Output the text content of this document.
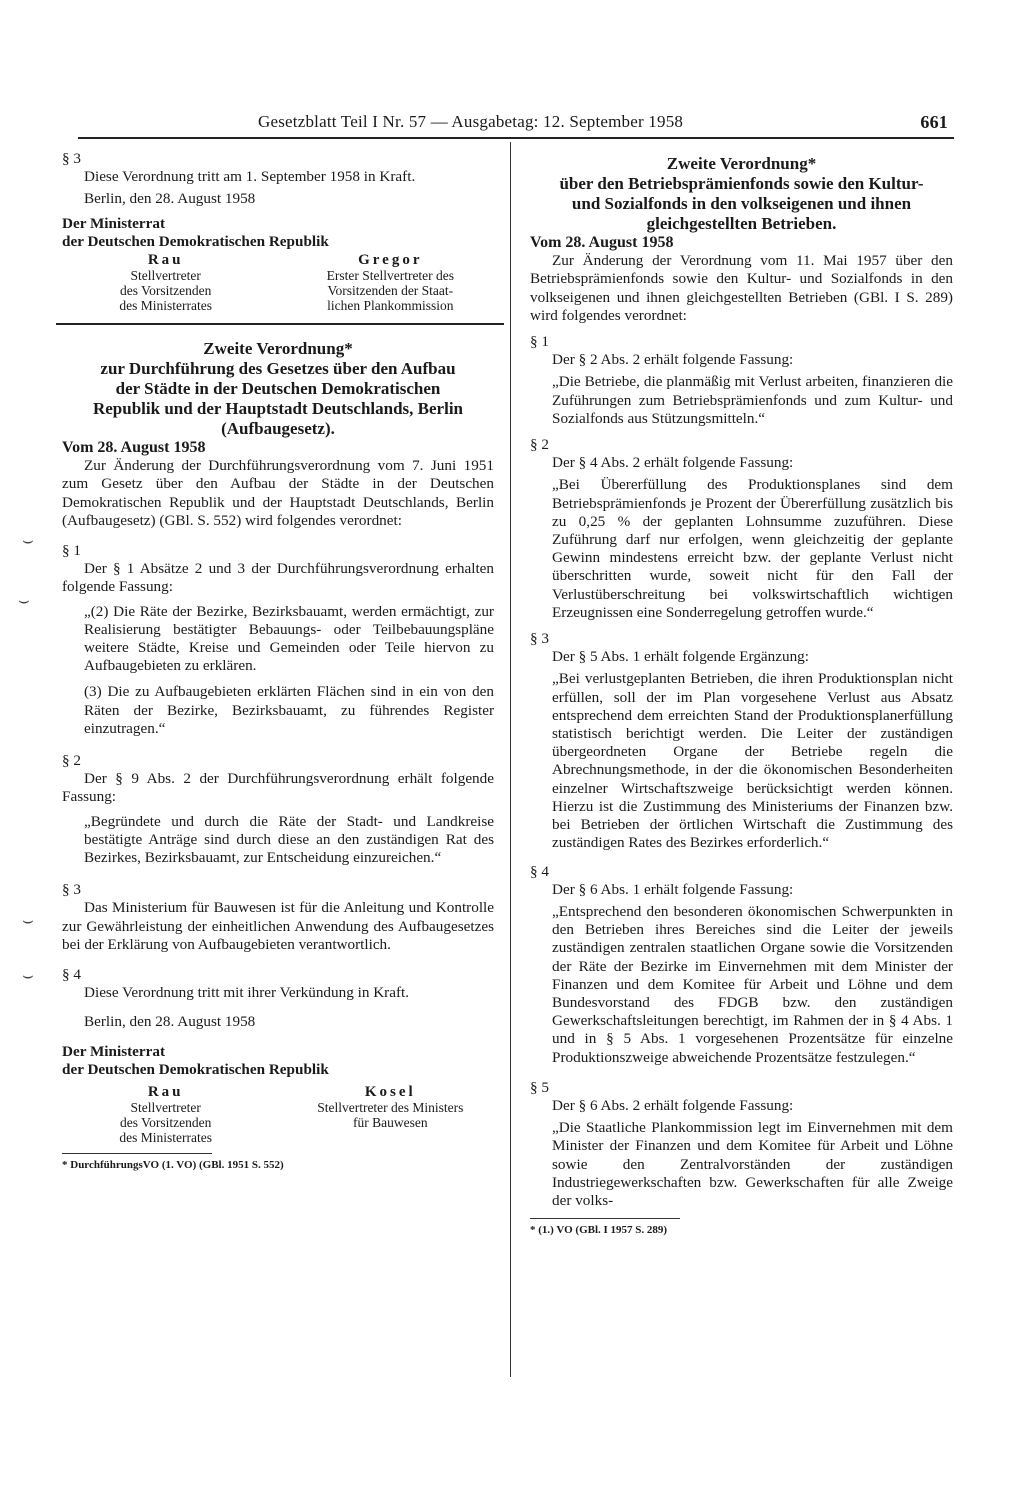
Gesetzblatt Teil I Nr. 57 — Ausgabetag: 12. September 1958	661
⌣
⌣
⌣
⌣

§ 3

Diese Verordnung tritt am 1. September 1958 in Kraft.

Berlin, den 28. August 1958

Der Ministerrat

der Deutschen Demokratischen Republik

Rau
Stellvertreter
des Vorsitzenden
des Ministerrates
Gregor
Erster Stellvertreter des
Vorsitzenden der Staat-
lichen Plankommission
Zweite Verordnung*
zur Durchführung des Gesetzes über den Aufbau
der Städte in der Deutschen Demokratischen
Republik und der Hauptstadt Deutschlands, Berlin
(Aufbaugesetz).

Vom 28. August 1958

Zur Änderung der Durchführungsverordnung vom 7. Juni 1951 zum Gesetz über den Aufbau der Städte in der Deutschen Demokratischen Republik und der Hauptstadt Deutschlands, Berlin (Aufbaugesetz) (GBl. S. 552) wird folgendes verordnet:

§ 1

Der § 1 Absätze 2 und 3 der Durchführungsverordnung erhalten folgende Fassung:

„(2) Die Räte der Bezirke, Bezirksbauamt, werden ermächtigt, zur Realisierung bestätigter Bebauungs- oder Teilbebauungspläne weitere Städte, Kreise und Gemeinden oder Teile hiervon zu Aufbaugebieten zu erklären.

(3) Die zu Aufbaugebieten erklärten Flächen sind in ein von den Räten der Bezirke, Bezirksbauamt, zu führendes Register einzutragen.“

§ 2

Der § 9 Abs. 2 der Durchführungsverordnung erhält folgende Fassung:

„Begründete und durch die Räte der Stadt- und Landkreise bestätigte Anträge sind durch diese an den zuständigen Rat des Bezirkes, Bezirksbauamt, zur Entscheidung einzureichen.“

§ 3

Das Ministerium für Bauwesen ist für die Anleitung und Kontrolle zur Gewährleistung der einheitlichen Anwendung des Aufbaugesetzes bei der Erklärung von Aufbaugebieten verantwortlich.

§ 4

Diese Verordnung tritt mit ihrer Verkündung in Kraft.

Berlin, den 28. August 1958

Der Ministerrat

der Deutschen Demokratischen Republik

Rau
Stellvertreter
des Vorsitzenden
des Ministerrates
Kosel
Stellvertreter des Ministers
für Bauwesen

* DurchführungsVO (1. VO) (GBl. 1951 S. 552)

Zweite Verordnung*
über den Betriebsprämienfonds sowie den Kultur-
und Sozialfonds in den volkseigenen und ihnen
gleichgestellten Betrieben.

Vom 28. August 1958

Zur Änderung der Verordnung vom 11. Mai 1957 über den Betriebsprämienfonds sowie den Kultur- und Sozialfonds in den volkseigenen und ihnen gleichgestellten Betrieben (GBl. I S. 289) wird folgendes verordnet:

§ 1

Der § 2 Abs. 2 erhält folgende Fassung:

„Die Betriebe, die planmäßig mit Verlust arbeiten, finanzieren die Zuführungen zum Betriebsprämienfonds und zum Kultur- und Sozialfonds aus Stützungsmitteln.“

§ 2

Der § 4 Abs. 2 erhält folgende Fassung:

„Bei Übererfüllung des Produktionsplanes sind dem Betriebsprämienfonds je Prozent der Übererfüllung zusätzlich bis zu 0,25 % der geplanten Lohnsumme zuzuführen. Diese Zuführung darf nur erfolgen, wenn gleichzeitig der geplante Gewinn mindestens erreicht bzw. der geplante Verlust nicht überschritten wurde, soweit nicht für den Fall der Verlustüberschreitung bei volkswirtschaftlich wichtigen Erzeugnissen eine Sonderregelung getroffen wurde.“

§ 3

Der § 5 Abs. 1 erhält folgende Ergänzung:

„Bei verlustgeplanten Betrieben, die ihren Produktionsplan nicht erfüllen, soll der im Plan vorgesehene Verlust aus Absatz entsprechend dem erreichten Stand der Produktionsplanerfüllung statistisch berichtigt werden. Die Leiter der zuständigen übergeordneten Organe der Betriebe regeln die Abrechnungsmethode, in der die ökonomischen Besonderheiten einzelner Wirtschaftszweige berücksichtigt werden können. Hierzu ist die Zustimmung des Ministeriums der Finanzen bzw. bei Betrieben der örtlichen Wirtschaft die Zustimmung des zuständigen Rates des Bezirkes erforderlich.“

§ 4

Der § 6 Abs. 1 erhält folgende Fassung:

„Entsprechend den besonderen ökonomischen Schwerpunkten in den Betrieben ihres Bereiches sind die Leiter der jeweils zuständigen zentralen staatlichen Organe sowie die Vorsitzenden der Räte der Bezirke im Einvernehmen mit dem Minister der Finanzen und dem Komitee für Arbeit und Löhne und dem Bundesvorstand des FDGB bzw. den zuständigen Gewerkschaftsleitungen berechtigt, im Rahmen der in § 4 Abs. 1 und in § 5 Abs. 1 vorgesehenen Prozentsätze für einzelne Produktionszweige abweichende Prozentsätze festzulegen.“

§ 5

Der § 6 Abs. 2 erhält folgende Fassung:

„Die Staatliche Plankommission legt im Einvernehmen mit dem Minister der Finanzen und dem Komitee für Arbeit und Löhne sowie den Zentralvorständen der zuständigen Industriegewerkschaften bzw. Gewerkschaften für alle Zweige der volks-

* (1.) VO (GBl. I 1957 S. 289)
